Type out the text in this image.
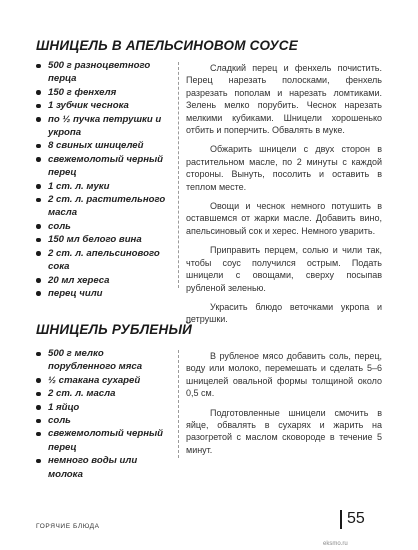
ШНИЦЕЛЬ В АПЕЛЬСИНОВОМ СОУСЕ
500 г разноцветного перца
150 г фенхеля
1 зубчик чеснока
по ½ пучка петрушки и укропа
8 свиных шницелей
свежемолотый черный перец
1 ст. л. муки
2 ст. л. растительного масла
соль
150 мл белого вина
2 ст. л. апельсинового сока
20 мл хереса
перец чили

Сладкий перец и фенхель почистить. Перец нарезать полосками, фенхель разрезать пополам и нарезать ломтиками. Зелень мелко порубить. Чеснок нарезать мелкими кубиками. Шницели хорошенько отбить и поперчить. Обвалять в муке.

Обжарить шницели с двух сторон в растительном масле, по 2 минуты с каждой стороны. Вынуть, посолить и оставить в теплом месте.

Овощи и чеснок немного потушить в оставшемся от жарки масле. Добавить вино, апельсиновый сок и херес. Немного уварить.

Приправить перцем, солью и чили так, чтобы соус получился острым. Подать шницели с овощами, сверху посыпав рубленой зеленью.

Украсить блюдо веточками укропа и петрушки.

ШНИЦЕЛЬ РУБЛЕНЫЙ
500 г мелко порубленного мяса
½ стакана сухарей
2 ст. л. масла
1 яйцо
соль
свежемолотый черный перец
немного воды или молока

В рубленое мясо добавить соль, перец, воду или молоко, перемешать и сделать 5–6 шницелей овальной формы толщиной около 0,5 см.

Подготовленные шницели смочить в яйце, обвалять в сухарях и жарить на разогретой с маслом сковороде в течение 5 минут.

ГОРЯЧИЕ БЛЮДА	55
eksmo.ru
